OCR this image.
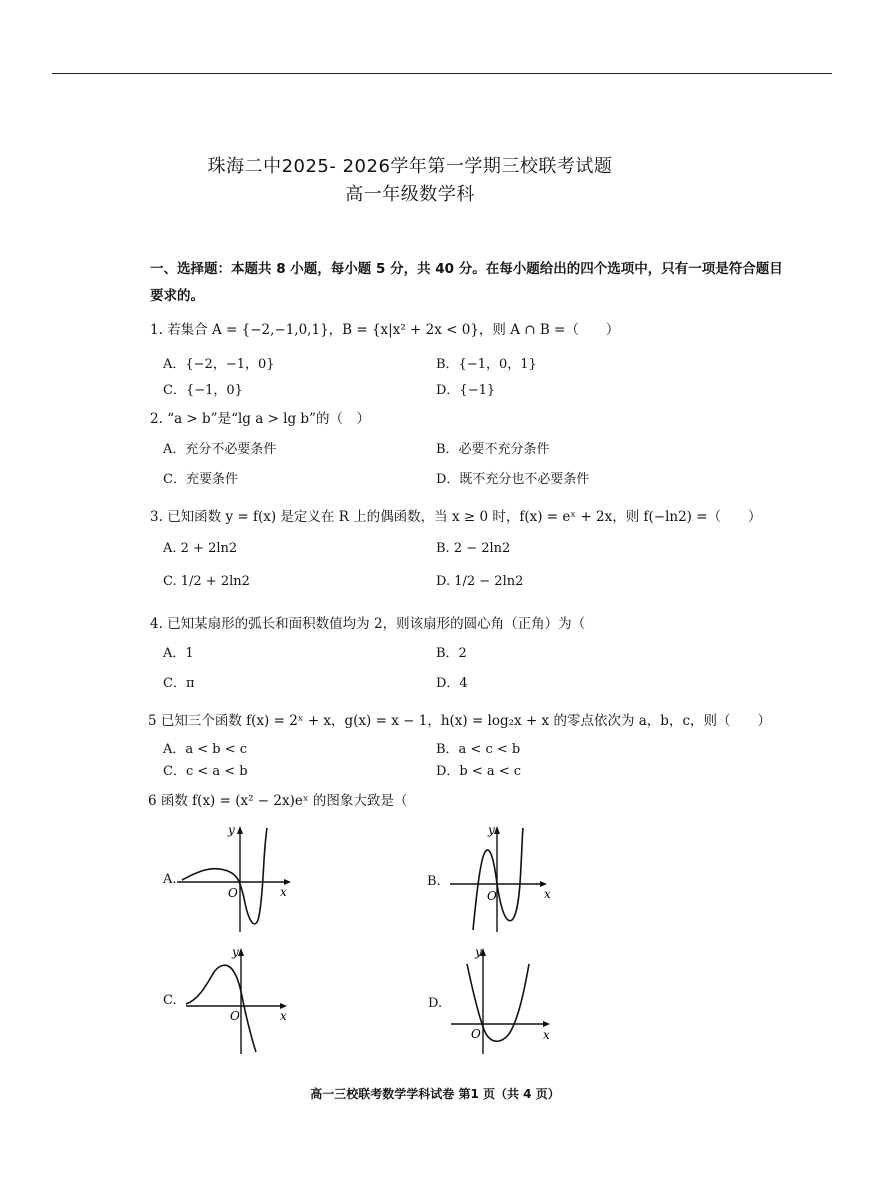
珠海二中2025- 2026学年第一学期三校联考试题
高一年级数学科
一、选择题：本题共 8 小题，每小题 5 分，共 40 分。在每小题给出的四个选项中，只有一项是符合题目
要求的。
1. 若集合 A = {−2,−1,0,1}，B = {x|x² + 2x < 0}，则 A ∩ B =（　　）
A．{−2，−1，0}	B．{−1，0，1}
C．{−1，0}	D．{−1}
2. “a > b”是“lg a > lg b”的（　）
A．充分不必要条件	B．必要不充分条件
C．充要条件	D．既不充分也不必要条件
3. 已知函数 y = f(x) 是定义在 R 上的偶函数，当 x ≥ 0 时，f(x) = eˣ + 2x，则 f(−ln2) =（　　）
A. 2 + 2ln2	B. 2 − 2ln2
C. 1/2 + 2ln2	D. 1/2 − 2ln2
4. 已知某扇形的弧长和面积数值均为 2，则该扇形的圆心角（正角）为（
A．1	B．2
C．π	D．4
5 已知三个函数 f(x) = 2ˣ + x，g(x) = x − 1，h(x) = log₂x + x 的零点依次为 a，b，c，则（　　）
A．a < b < c	B．a < c < b
C．c < a < b	D．b < a < c
6 函数 f(x) = (x² − 2x)eˣ 的图象大致是（
A.	B.
C.	D.
O	x
y
O	x
y
O	x
y
O	x
y
高一三校联考数学学科试卷 第1 页（共 4 页）
